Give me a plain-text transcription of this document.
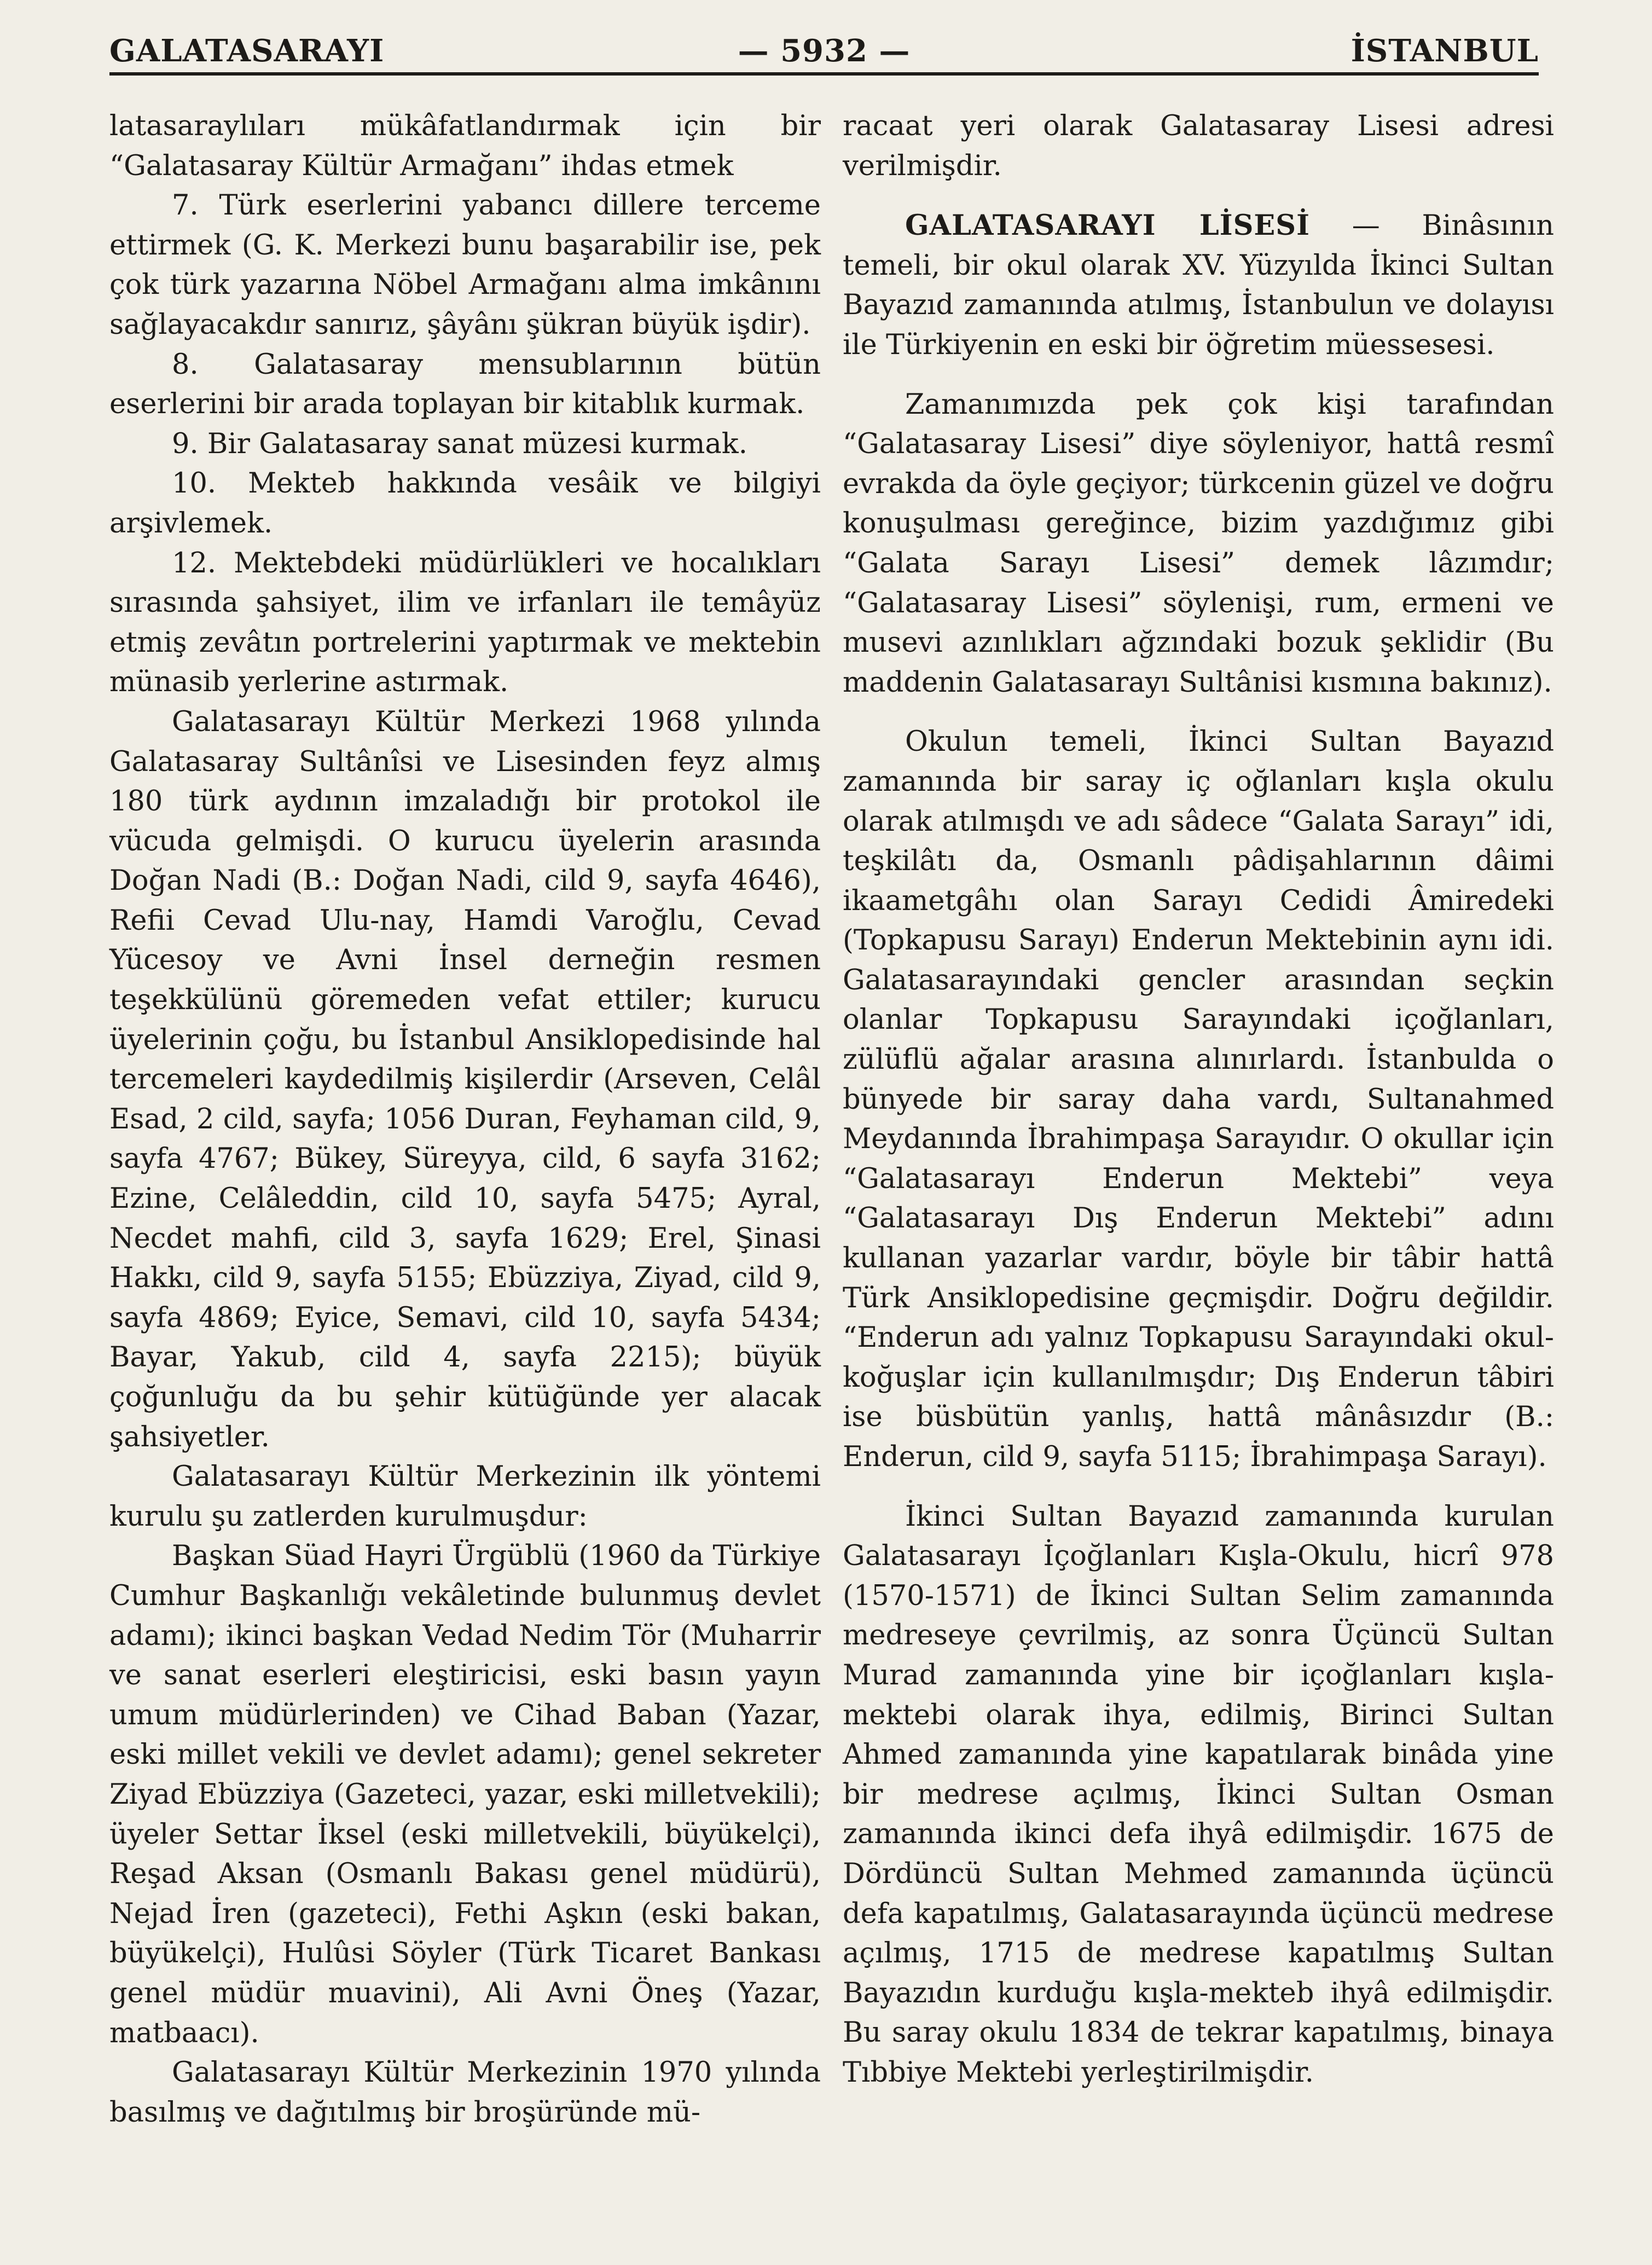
GALATASARAYI	— 5932 —	İSTANBUL

latasaraylıları mükâfatlandırmak için bir “Galatasaray Kültür Armağanı” ihdas etmek

7. Türk eserlerini yabancı dillere terceme ettirmek (G. K. Merkezi bunu başarabilir ise, pek çok türk yazarına Nöbel Armağanı alma imkânını sağlayacakdır sanırız, şâyânı şükran büyük işdir).

8. Galatasaray mensublarının bütün eserlerini bir arada toplayan bir kitablık kurmak.

9. Bir Galatasaray sanat müzesi kurmak.

10. Mekteb hakkında vesâik ve bilgiyi arşivlemek.

12. Mektebdeki müdürlükleri ve hocalıkları sırasında şahsiyet, ilim ve irfanları ile temâyüz etmiş zevâtın portrelerini yaptırmak ve mektebin münasib yerlerine astırmak.

Galatasarayı Kültür Merkezi 1968 yılında Galatasaray Sultânîsi ve Lisesinden feyz almış 180 türk aydının imzaladığı bir protokol ile vücuda gelmişdi. O kurucu üyelerin arasında Doğan Nadi (B.: Doğan Nadi, cild 9, sayfa 4646), Refii Cevad Ulu-nay, Hamdi Varoğlu, Cevad Yücesoy ve Avni İnsel derneğin resmen teşekkülünü göremeden vefat ettiler; kurucu üyelerinin çoğu, bu İstanbul Ansiklopedisinde hal tercemeleri kaydedilmiş kişilerdir (Arseven, Celâl Esad, 2 cild, sayfa; 1056 Duran, Feyhaman cild, 9, sayfa 4767; Bükey, Süreyya, cild, 6 sayfa 3162; Ezine, Celâleddin, cild 10, sayfa 5475; Ayral, Necdet mahfi, cild 3, sayfa 1629; Erel, Şinasi Hakkı, cild 9, sayfa 5155; Ebüzziya, Ziyad, cild 9, sayfa 4869; Eyice, Semavi, cild 10, sayfa 5434; Bayar, Yakub, cild 4, sayfa 2215); büyük çoğunluğu da bu şehir kütüğünde yer alacak şahsiyetler.

Galatasarayı Kültür Merkezinin ilk yöntemi kurulu şu zatlerden kurulmuşdur:

Başkan Süad Hayri Ürgüblü (1960 da Türkiye Cumhur Başkanlığı vekâletinde bulunmuş devlet adamı); ikinci başkan Vedad Nedim Tör (Muharrir ve sanat eserleri eleştiricisi, eski basın yayın umum müdürlerinden) ve Cihad Baban (Yazar, eski millet vekili ve devlet adamı); genel sekreter Ziyad Ebüzziya (Gazeteci, yazar, eski milletvekili); üyeler Settar İksel (eski milletvekili, büyükelçi), Reşad Aksan (Osmanlı Bakası genel müdürü), Nejad İren (gazeteci), Fethi Aşkın (eski bakan, büyükelçi), Hulûsi Söyler (Türk Ticaret Bankası genel müdür muavini), Ali Avni Öneş (Yazar, matbaacı).

Galatasarayı Kültür Merkezinin 1970 yılında basılmış ve dağıtılmış bir broşüründe mü-

racaat yeri olarak Galatasaray Lisesi adresi verilmişdir.

GALATASARAYI LİSESİ — Binâsının temeli, bir okul olarak XV. Yüzyılda İkinci Sultan Bayazıd zamanında atılmış, İstanbulun ve dolayısı ile Türkiyenin en eski bir öğretim müessesesi.

Zamanımızda pek çok kişi tarafından “Galatasaray Lisesi” diye söyleniyor, hattâ resmî evrakda da öyle geçiyor; türkcenin güzel ve doğru konuşulması gereğince, bizim yazdığımız gibi “Galata Sarayı Lisesi” demek lâzımdır; “Galatasaray Lisesi” söylenişi, rum, ermeni ve musevi azınlıkları ağzındaki bozuk şeklidir (Bu maddenin Galatasarayı Sultânisi kısmına bakınız).

Okulun temeli, İkinci Sultan Bayazıd zamanında bir saray iç oğlanları kışla okulu olarak atılmışdı ve adı sâdece “Galata Sarayı” idi, teşkilâtı da, Osmanlı pâdişahlarının dâimi ikaametgâhı olan Sarayı Cedidi Âmiredeki (Topkapusu Sarayı) Enderun Mektebinin aynı idi. Galatasarayındaki gencler arasından seçkin olanlar Topkapusu Sarayındaki içoğlanları, zülüflü ağalar arasına alınırlardı. İstanbulda o bünyede bir saray daha vardı, Sultanahmed Meydanında İbrahimpaşa Sarayıdır. O okullar için “Galatasarayı Enderun Mektebi” veya “Galatasarayı Dış Enderun Mektebi” adını kullanan yazarlar vardır, böyle bir tâbir hattâ Türk Ansiklopedisine geçmişdir. Doğru değildir. “Enderun adı yalnız Topkapusu Sarayındaki okul-koğuşlar için kullanılmışdır; Dış Enderun tâbiri ise büsbütün yanlış, hattâ mânâsızdır (B.: Enderun, cild 9, sayfa 5115; İbrahimpaşa Sarayı).

İkinci Sultan Bayazıd zamanında kurulan Galatasarayı İçoğlanları Kışla-Okulu, hicrî 978 (1570-1571) de İkinci Sultan Selim zamanında medreseye çevrilmiş, az sonra Üçüncü Sultan Murad zamanında yine bir içoğlanları kışla-mektebi olarak ihya, edilmiş, Birinci Sultan Ahmed zamanında yine kapatılarak binâda yine bir medrese açılmış, İkinci Sultan Osman zamanında ikinci defa ihyâ edilmişdir. 1675 de Dördüncü Sultan Mehmed zamanında üçüncü defa kapatılmış, Galatasarayında üçüncü medrese açılmış, 1715 de medrese kapatılmış Sultan Bayazıdın kurduğu kışla-mekteb ihyâ edilmişdir. Bu saray okulu 1834 de tekrar kapatılmış, binaya Tıbbiye Mektebi yerleştirilmişdir.
